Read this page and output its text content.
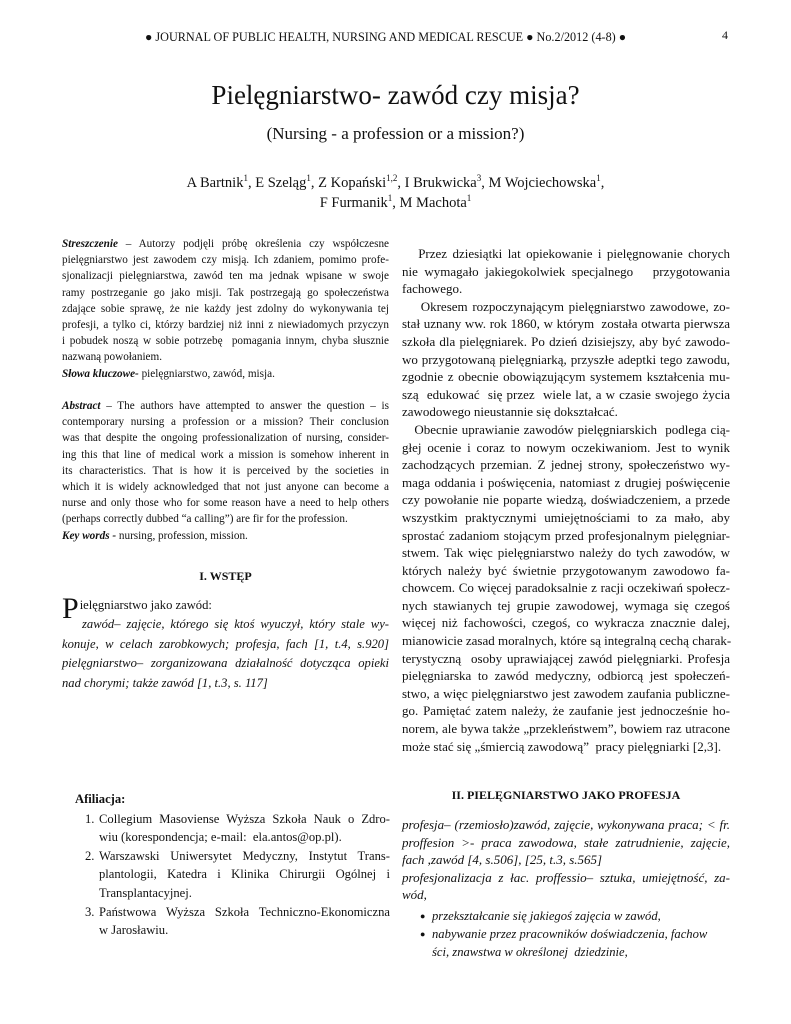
● JOURNAL OF PUBLIC HEALTH, NURSING AND MEDICAL RESCUE ● No.2/2012 (4-8) ●	4
Pielęgniarstwo- zawód czy misja?
(Nursing - a profession or a mission?)
A Bartnik$^1$, E Szeląg$^1$, Z Kopański$^{1,2}$, I Brukwicka$^3$, M Wojciechowska$^1$,
F Furmanik$^1$, M Machota$^1$
Streszczenie – Autorzy podjęli próbę określenia czy współczesne
pielęgniarstwo jest zawodem czy misją. Ich zdaniem, pomimo profe-
sjonalizacji pielęgniarstwa, zawód ten ma jednak wpisane w swoje
ramy postrzeganie go jako misji. Tak postrzegają go społeczeństwa
zdające sobie sprawę, że nie każdy jest zdolny do wykonywania tej
profesji, a tylko ci, którzy bardziej niż inni z niewiadomych przyczyn
i pobudek noszą w sobie potrzebę  pomagania innym, chyba słusznie
nazwaną powołaniem.
Słowa kluczowe- pielęgniarstwo, zawód, misja.
Abstract – The authors have attempted to answer the question – is
contemporary nursing a profession or a mission? Their conclusion
was that despite the ongoing professionalization of nursing, consider-
ing this that line of medical work a mission is somehow inherent in
its characteristics. That is how it is perceived by the societies in
which it is widely acknowledged that not just anyone can become a
nurse and only those who for some reason have a need to help others
(perhaps correctly dubbed “a calling”) are fir for the profession.
Key words - nursing, profession, mission.
I. WSTĘP
Pielęgniarstwo jako zawód:
zawód– zajęcie, którego się ktoś wyuczył, który stale wy-
konuje, w celach zarobkowych; profesja, fach [1, t.4, s.920]
pielęgniarstwo– zorganizowana działalność dotycząca opieki
nad chorymi; także zawód [1, t.3, s. 117]
Afiliacja:
1. Collegium Masoviense Wyższa Szkoła Nauk o Zdro-
wiu (korespondencja; e-mail:  ela.antos@op.pl).
2. Warszawski Uniwersytet Medyczny, Instytut Trans-
plantologii, Katedra i Klinika Chirurgii Ogólnej i
Transplantacyjnej.
3. Państwowa Wyższa Szkoła Techniczno-Ekonomiczna
w Jarosławiu.
Przez dziesiątki lat opiekowanie i pielęgnowanie chorych
nie wymagało jakiegokolwiek specjalnego   przygotowania
fachowego.
Okresem rozpoczynającym pielęgniarstwo zawodowe, zo-
stał uznany ww. rok 1860, w którym  została otwarta pierwsza
szkoła dla pielęgniarek. Po dzień dzisiejszy, aby być zawodo-
wo przygotowaną pielęgniarką, przyszłe adeptki tego zawodu,
zgodnie z obecnie obowiązującym systemem kształcenia mu-
szą  edukować  się przez  wiele lat, a w czasie swojego życia
zawodowego nieustannie się dokształcać.
Obecnie uprawianie zawodów pielęgniarskich  podlega cią-
głej ocenie i coraz to nowym oczekiwaniom. Jest to wynik
zachodzących przemian. Z jednej strony, społeczeństwo wy-
maga oddania i poświęcenia, natomiast z drugiej poświęcenie
czy powołanie nie poparte wiedzą, doświadczeniem, a przede
wszystkim praktycznymi umiejętnościami to za mało, aby
sprostać zadaniom stojącym przed profesjonalnym pielęgniar-
stwem. Tak więc pielęgniarstwo należy do tych zawodów, w
których należy być świetnie przygotowanym zawodowo fa-
chowcem. Co więcej paradoksalnie z racji oczekiwań społecz-
nych stawianych tej grupie zawodowej, wymaga się czegoś
więcej niż fachowości, czegoś, co wykracza znacznie dalej,
mianowicie zasad moralnych, które są integralną cechą charak-
terystyczną  osoby uprawiającej zawód pielęgniarki. Profesja
pielęgniarska to zawód medyczny, odbiorcą jest społeczeń-
stwo, a więc pielęgniarstwo jest zawodem zaufania publiczne-
go. Pamiętać zatem należy, że zaufanie jest jednocześnie ho-
norem, ale bywa także „przekleństwem”, bowiem raz utracone
może stać się „śmiercią zawodową”  pracy pielęgniarki [2,3].
II. PIELĘGNIARSTWO JAKO PROFESJA
profesja– (rzemiosło)zawód, zajęcie, wykonywana praca; < fr.
proffesion >- praca zawodowa, stałe zatrudnienie, zajęcie,
fach ,zawód [4, s.506], [25, t.3, s.565]
profesjonalizacja z łac. proffessio– sztuka, umiejętność, za-
wód,
● przekształcanie się jakiegoś zajęcia w zawód,
● nabywanie przez pracowników doświadczenia, fachow
ści, znawstwa w określonej  dziedzinie,
